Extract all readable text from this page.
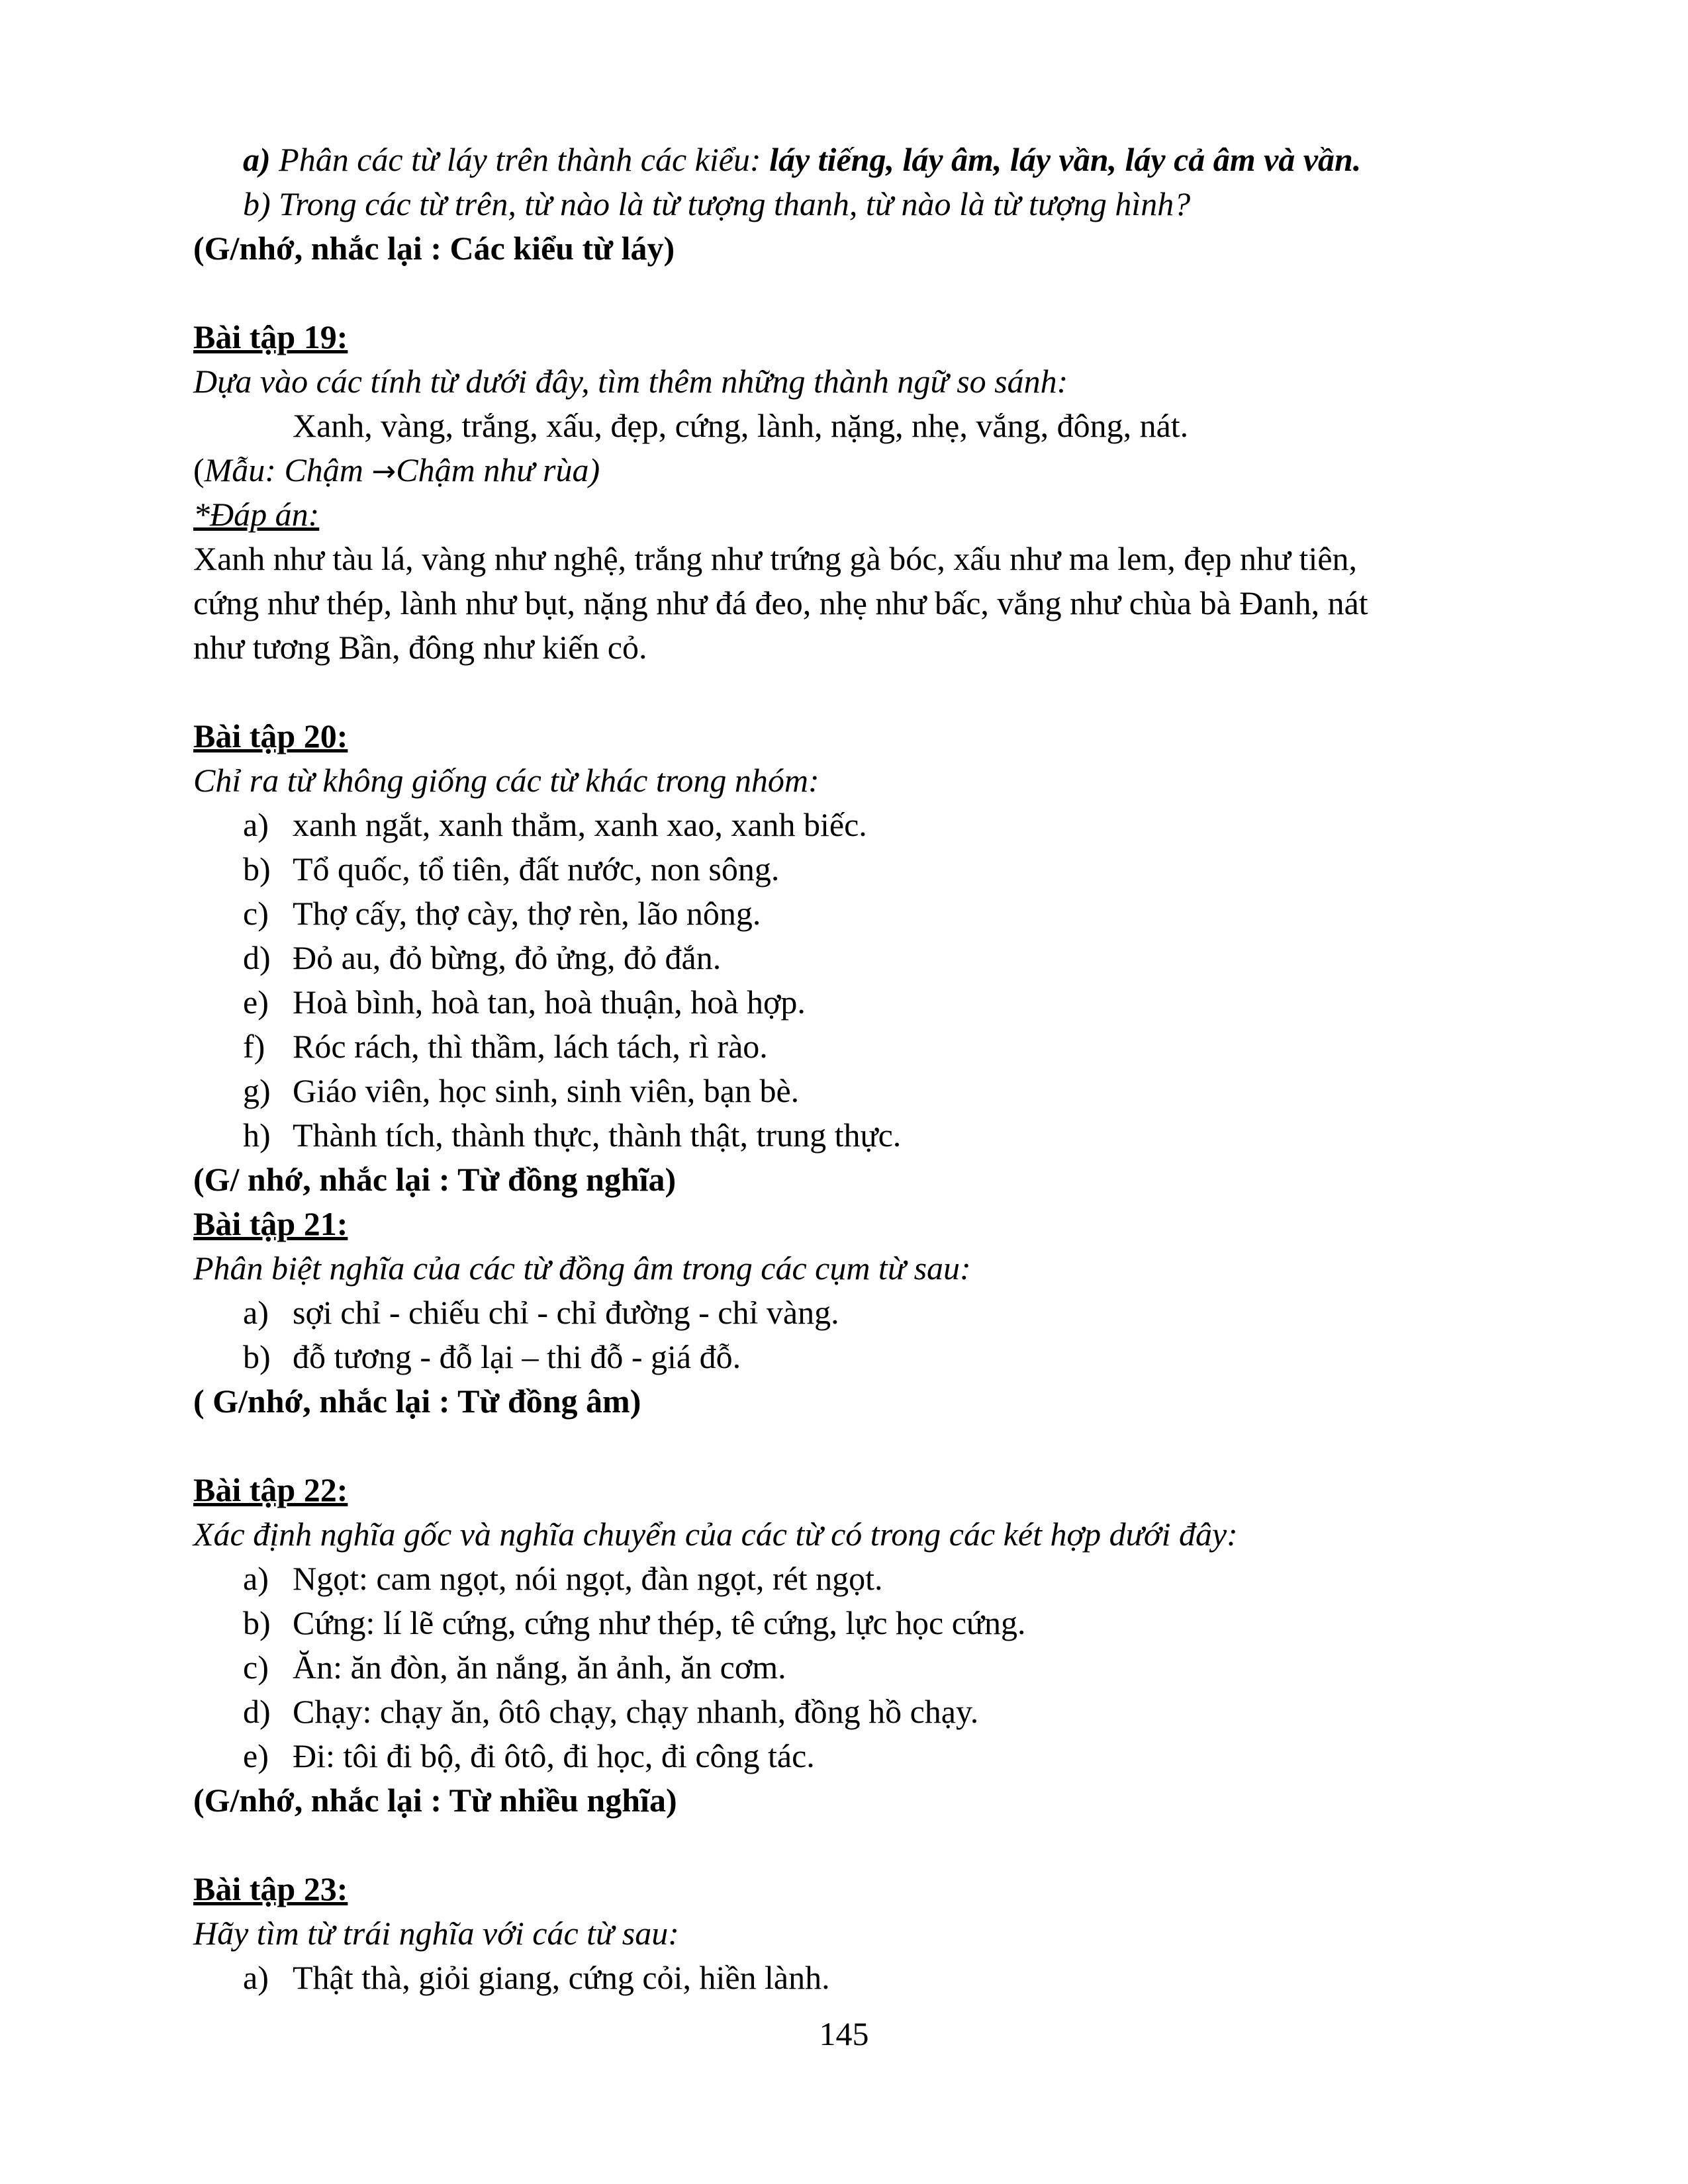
a) Phân các từ láy trên thành các kiểu: láy tiếng, láy âm, láy vần, láy cả âm và vần.
b) Trong các từ trên, từ nào là từ tượng thanh, từ nào là từ tượng hình?
(G/nhớ, nhắc lại : Các kiểu từ láy)
Bài tập 19:
Dựa vào các tính từ dưới đây, tìm thêm những thành ngữ so sánh:
Xanh, vàng, trắng, xấu, đẹp, cứng, lành, nặng, nhẹ, vắng, đông, nát.
(Mẫu: Chậm →Chậm như rùa)
*Đáp án:
Xanh như tàu lá, vàng như nghệ, trắng như trứng gà bóc, xấu như ma lem, đẹp như tiên,
cứng như thép, lành như bụt, nặng như đá đeo, nhẹ như bấc, vắng như chùa bà Đanh, nát
như tương Bần, đông như kiến cỏ.
Bài tập 20:
Chỉ ra từ không giống các từ khác trong nhóm:
a) xanh ngắt, xanh thẳm, xanh xao, xanh biếc.
b) Tổ quốc, tổ tiên, đất nước, non sông.
c) Thợ cấy, thợ cày, thợ rèn, lão nông.
d) Đỏ au, đỏ bừng, đỏ ửng, đỏ đắn.
e) Hoà bình, hoà tan, hoà thuận, hoà hợp.
f) Róc rách, thì thầm, lách tách, rì rào.
g) Giáo viên, học sinh, sinh viên, bạn bè.
h) Thành tích, thành thực, thành thật, trung thực.
(G/ nhớ, nhắc lại : Từ đồng nghĩa)
Bài tập 21:
Phân biệt nghĩa của các từ đồng âm trong các cụm từ sau:
a) sợi chỉ - chiếu chỉ - chỉ đường - chỉ vàng.
b) đỗ tương - đỗ lại – thi đỗ - giá đỗ.
( G/nhớ, nhắc lại : Từ đồng âm)
Bài tập 22:
Xác định nghĩa gốc và nghĩa chuyển của các từ có trong các két hợp dưới đây:
a) Ngọt: cam ngọt, nói ngọt, đàn ngọt, rét ngọt.
b) Cứng: lí lẽ cứng, cứng như thép, tê cứng, lực học cứng.
c) Ăn: ăn đòn, ăn nắng, ăn ảnh, ăn cơm.
d) Chạy: chạy ăn, ôtô chạy, chạy nhanh, đồng hồ chạy.
e) Đi: tôi đi bộ, đi ôtô, đi học, đi công tác.
(G/nhớ, nhắc lại : Từ nhiều nghĩa)
Bài tập 23:
Hãy tìm từ trái nghĩa với các từ sau:
a) Thật thà, giỏi giang, cứng cỏi, hiền lành.
145
